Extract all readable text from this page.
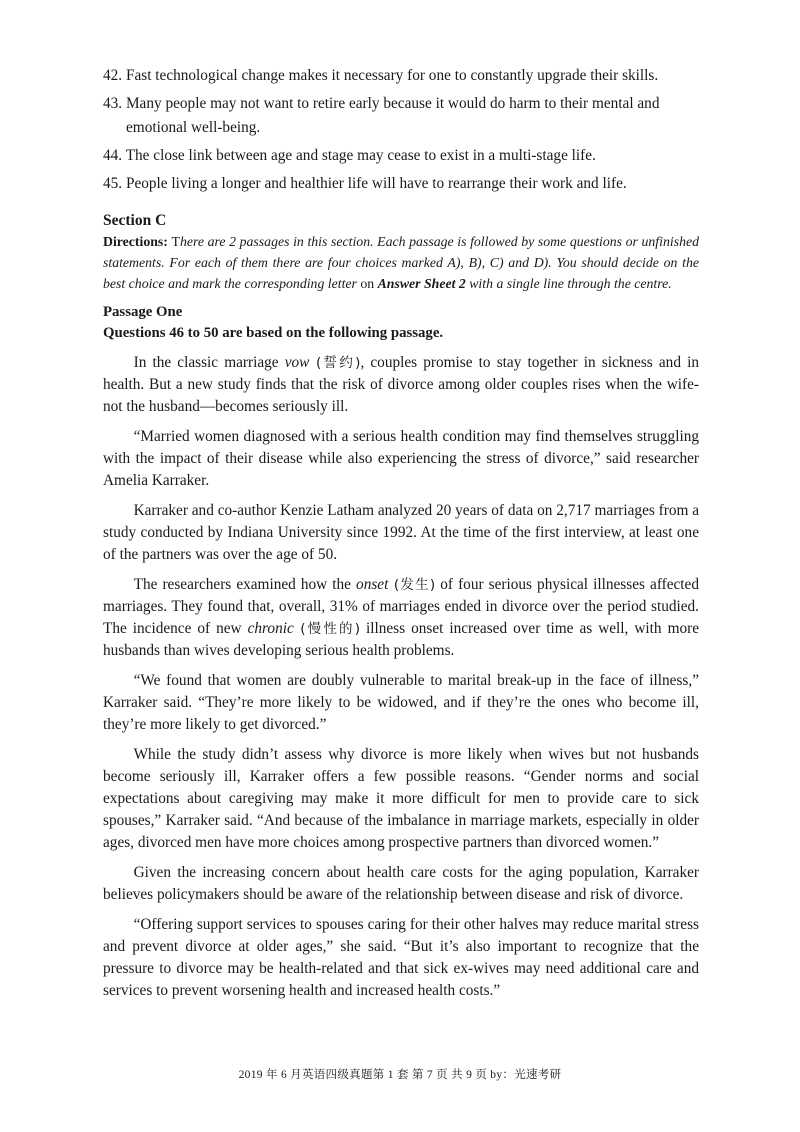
42. Fast technological change makes it necessary for one to constantly upgrade their skills.

43. Many people may not want to retire early because it would do harm to their mental and emotional well-being.

44. The close link between age and stage may cease to exist in a multi-stage life.

45. People living a longer and healthier life will have to rearrange their work and life.

Section C
Directions: There are 2 passages in this section. Each passage is followed by some questions or unfinished statements. For each of them there are four choices marked A), B), C) and D). You should decide on the best choice and mark the corresponding letter on Answer Sheet 2 with a single line through the centre.
Passage One
Questions 46 to 50 are based on the following passage.

In the classic marriage vow (誓约), couples promise to stay together in sickness and in health. But a new study finds that the risk of divorce among older couples rises when the wife-not the husband—becomes seriously ill.

“Married women diagnosed with a serious health condition may find themselves struggling with the impact of their disease while also experiencing the stress of divorce,” said researcher Amelia Karraker.

Karraker and co-author Kenzie Latham analyzed 20 years of data on 2,717 marriages from a study conducted by Indiana University since 1992. At the time of the first interview, at least one of the partners was over the age of 50.

The researchers examined how the onset (发生) of four serious physical illnesses affected marriages. They found that, overall, 31% of marriages ended in divorce over the period studied. The incidence of new chronic (慢性的) illness onset increased over time as well, with more husbands than wives developing serious health problems.

“We found that women are doubly vulnerable to marital break-up in the face of illness,” Karraker said. “They’re more likely to be widowed, and if they’re the ones who become ill, they’re more likely to get divorced.”

While the study didn’t assess why divorce is more likely when wives but not husbands become seriously ill, Karraker offers a few possible reasons. “Gender norms and social expectations about caregiving may make it more difficult for men to provide care to sick spouses,” Karraker said. “And because of the imbalance in marriage markets, especially in older ages, divorced men have more choices among prospective partners than divorced women.”

Given the increasing concern about health care costs for the aging population, Karraker believes policymakers should be aware of the relationship between disease and risk of divorce.

“Offering support services to spouses caring for their other halves may reduce marital stress and prevent divorce at older ages,” she said. “But it’s also important to recognize that the pressure to divorce may be health-related and that sick ex-wives may need additional care and services to prevent worsening health and increased health costs.”

2019 年 6 月英语四级真题第 1 套 第 7 页 共 9 页 by：光速考研
